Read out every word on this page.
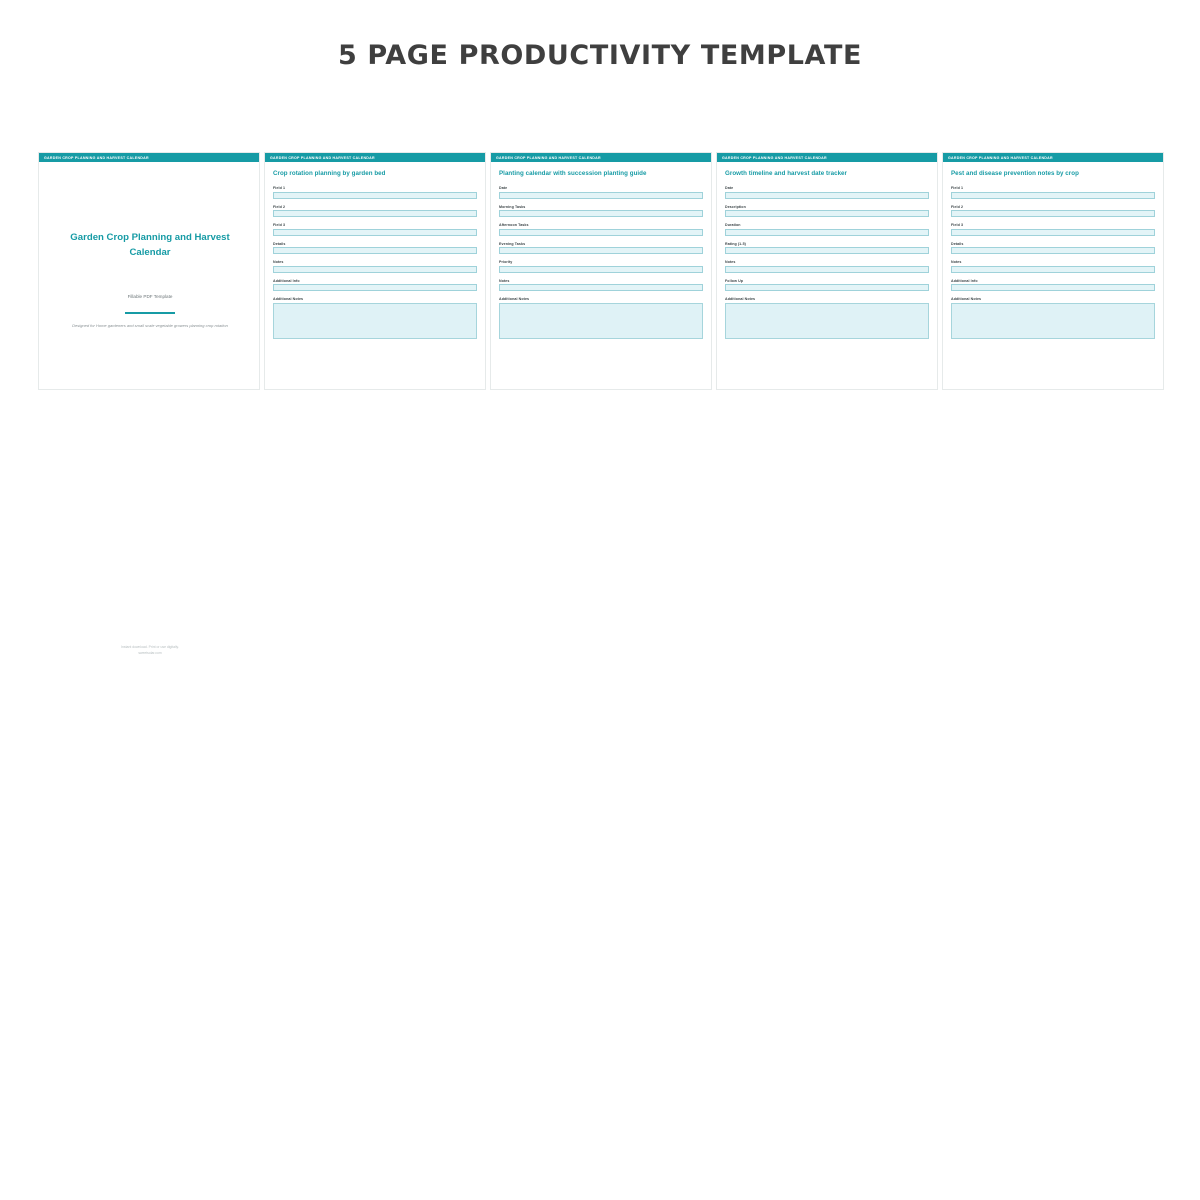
5 PAGE PRODUCTIVITY TEMPLATE
GARDEN CROP PLANNING AND HARVEST CALENDAR
Garden Crop Planning and Harvest Calendar
Fillable PDF Template
Designed for Home gardeners and small scale vegetable growers planning crop rotation
Instant download. Print or use digitally.
sweetsolar.com
GARDEN CROP PLANNING AND HARVEST CALENDAR
Crop rotation planning by garden bed
Field 1
Field 2
Field 3
Details
Notes
Additional Info
Additional Notes
GARDEN CROP PLANNING AND HARVEST CALENDAR
Planting calendar with succession planting guide
Date
Morning Tasks
Afternoon Tasks
Evening Tasks
Priority
Notes
Additional Notes
GARDEN CROP PLANNING AND HARVEST CALENDAR
Growth timeline and harvest date tracker
Date
Description
Duration
Rating (1-5)
Notes
Follow Up
Additional Notes
GARDEN CROP PLANNING AND HARVEST CALENDAR
Pest and disease prevention notes by crop
Field 1
Field 2
Field 3
Details
Notes
Additional Info
Additional Notes
